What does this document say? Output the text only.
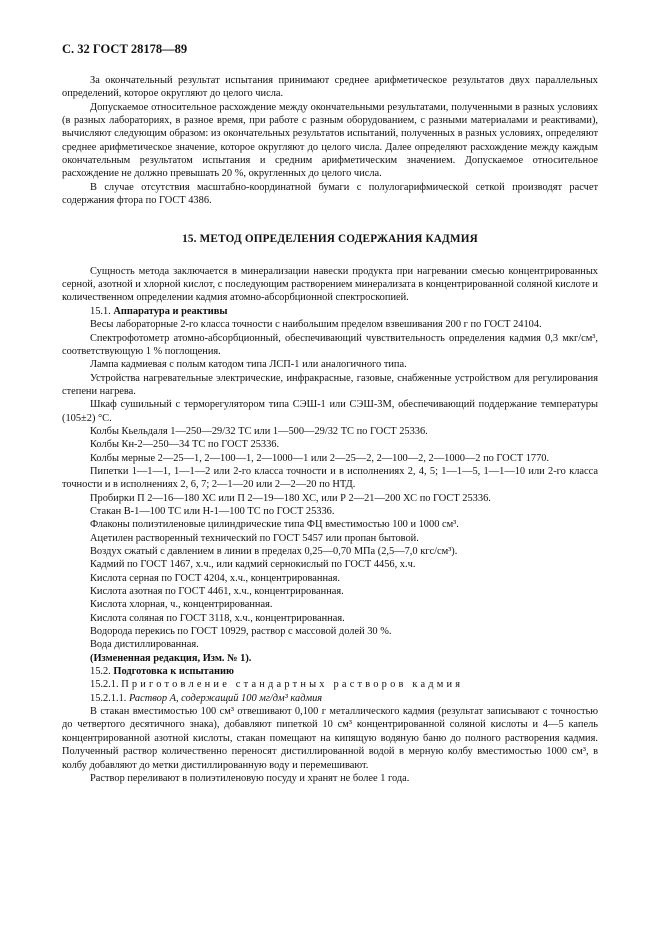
С. 32 ГОСТ 28178—89

За окончательный результат испытания принимают среднее арифметическое результатов двух параллельных определений, которое округляют до целого числа.

Допускаемое относительное расхождение между окончательными результатами, полученными в разных условиях (в разных лабораториях, в разное время, при работе с разным оборудованием, с разными материалами и реактивами), вычисляют следующим образом: из окончательных результатов испытаний, полученных в разных условиях, определяют среднее арифметическое значение, которое округляют до целого числа. Далее определяют расхождение между каждым окончательным результатом испытания и средним арифметическим значением. Допускаемое относительное расхождение не должно превышать 20 %, округленных до целого числа.

В случае отсутствия масштабно-координатной бумаги с полулогарифмической сеткой производят расчет содержания фтора по ГОСТ 4386.

15. МЕТОД ОПРЕДЕЛЕНИЯ СОДЕРЖАНИЯ КАДМИЯ

Сущность метода заключается в минерализации навески продукта при нагревании смесью концентрированных серной, азотной и хлорной кислот, с последующим растворением минерализата в концентрированной соляной кислоте и количественном определении кадмия атомно-абсорбционной спектроскопией.

15.1. Аппаратура и реактивы

Весы лабораторные 2-го класса точности с наибольшим пределом взвешивания 200 г по ГОСТ 24104.

Спектрофотометр атомно-абсорбционный, обеспечивающий чувствительность определения кадмия 0,3 мкг/см³, соответствующую 1 % поглощения.

Лампа кадмиевая с полым катодом типа ЛСП-1 или аналогичного типа.

Устройства нагревательные электрические, инфракрасные, газовые, снабженные устройством для регулирования степени нагрева.

Шкаф сушильный с терморегулятором типа СЭШ-1 или СЭШ-3М, обеспечивающий поддержание температуры (105±2) °С.

Колбы Кьельдаля 1—250—29/32 ТС или 1—500—29/32 ТС по ГОСТ 25336.

Колбы Кн-2—250—34 ТС по ГОСТ 25336.

Колбы мерные 2—25—1, 2—100—1, 2—1000—1 или 2—25—2, 2—100—2, 2—1000—2 по ГОСТ 1770.

Пипетки 1—1—1, 1—1—2 или 2-го класса точности и в исполнениях 2, 4, 5; 1—1—5, 1—1—10 или 2-го класса точности и в исполнениях 2, 6, 7; 2—1—20 или 2—2—20 по НТД.

Пробирки П 2—16—180 ХС или П 2—19—180 ХС, или Р 2—21—200 ХС по ГОСТ 25336.

Стакан В-1—100 ТС или Н-1—100 ТС по ГОСТ 25336.

Флаконы полиэтиленовые цилиндрические типа ФЦ вместимостью 100 и 1000 см³.

Ацетилен растворенный технический по ГОСТ 5457 или пропан бытовой.

Воздух сжатый с давлением в линии в пределах 0,25—0,70 МПа (2,5—7,0 кгс/см³).

Кадмий по ГОСТ 1467, х.ч., или кадмий сернокислый по ГОСТ 4456, х.ч.

Кислота серная по ГОСТ 4204, х.ч., концентрированная.

Кислота азотная по ГОСТ 4461, х.ч., концентрированная.

Кислота хлорная, ч., концентрированная.

Кислота соляная по ГОСТ 3118, х.ч., концентрированная.

Водорода перекись по ГОСТ 10929, раствор с массовой долей 30 %.

Вода дистиллированная.

(Измененная редакция, Изм. № 1).

15.2. Подготовка к испытанию

15.2.1. Приготовление стандартных растворов кадмия

15.2.1.1. Раствор А, содержащий 100 мг/дм³ кадмия

В стакан вместимостью 100 см³ отвешивают 0,100 г металлического кадмия (результат записывают с точностью до четвертого десятичного знака), добавляют пипеткой 10 см³ концентрированной соляной кислоты и 4—5 капель концентрированной азотной кислоты, стакан помещают на кипящую водяную баню до полного растворения кадмия. Полученный раствор количественно переносят дистиллированной водой в мерную колбу вместимостью 1000 см³, в колбу добавляют до метки дистиллированную воду и перемешивают.

Раствор переливают в полиэтиленовую посуду и хранят не более 1 года.
